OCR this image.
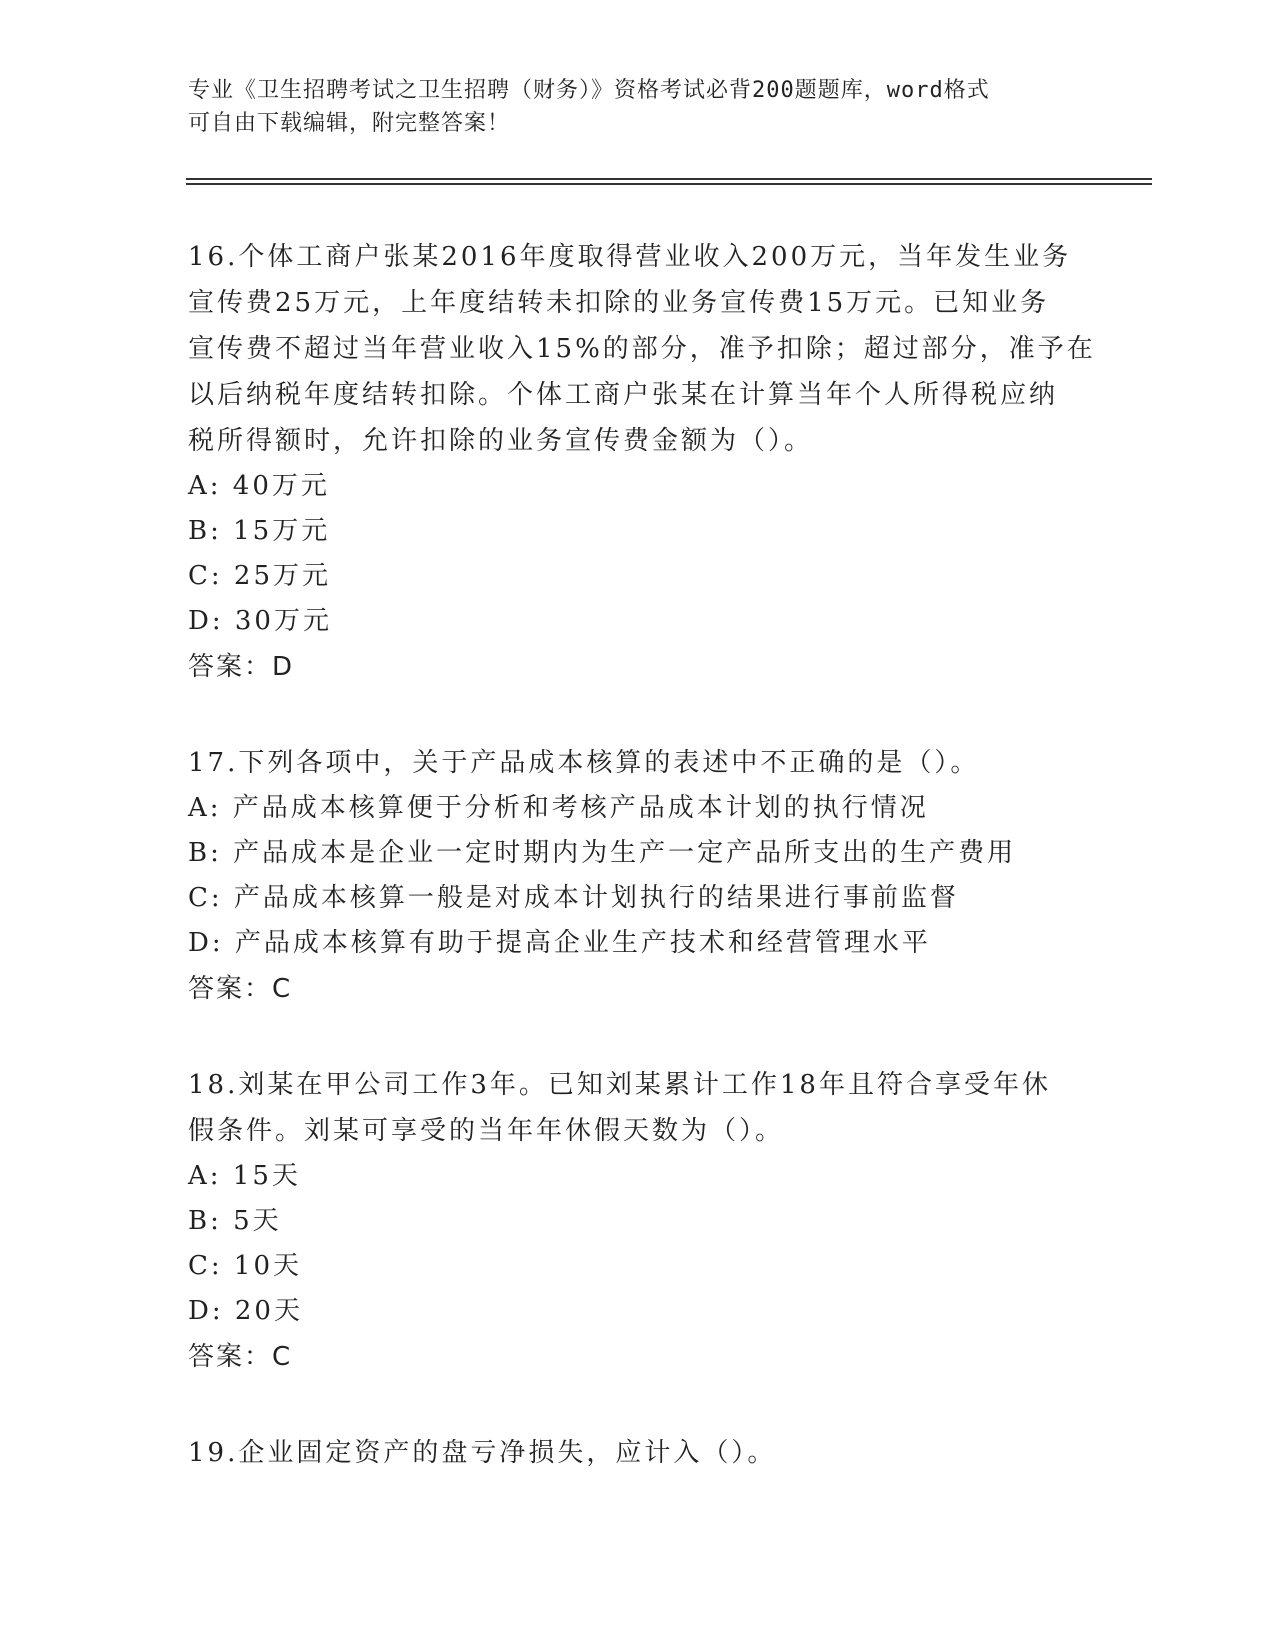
专业《卫生招聘考试之卫生招聘（财务）》资格考试必背200题题库，word格式
可自由下载编辑，附完整答案！
16.个体工商户张某2016年度取得营业收入200万元，当年发生业务
宣传费25万元，上年度结转未扣除的业务宣传费15万元。已知业务
宣传费不超过当年营业收入15%的部分，准予扣除；超过部分，准予在
以后纳税年度结转扣除。个体工商户张某在计算当年个人所得税应纳
税所得额时，允许扣除的业务宣传费金额为（）。
A: 40万元
B: 15万元
C: 25万元
D: 30万元
答案：D
17.下列各项中，关于产品成本核算的表述中不正确的是（）。
A: 产品成本核算便于分析和考核产品成本计划的执行情况
B: 产品成本是企业一定时期内为生产一定产品所支出的生产费用
C: 产品成本核算一般是对成本计划执行的结果进行事前监督
D: 产品成本核算有助于提高企业生产技术和经营管理水平
答案：C
18.刘某在甲公司工作3年。已知刘某累计工作18年且符合享受年休
假条件。刘某可享受的当年年休假天数为（）。
A: 15天
B: 5天
C: 10天
D: 20天
答案：C
19.企业固定资产的盘亏净损失，应计入（）。
